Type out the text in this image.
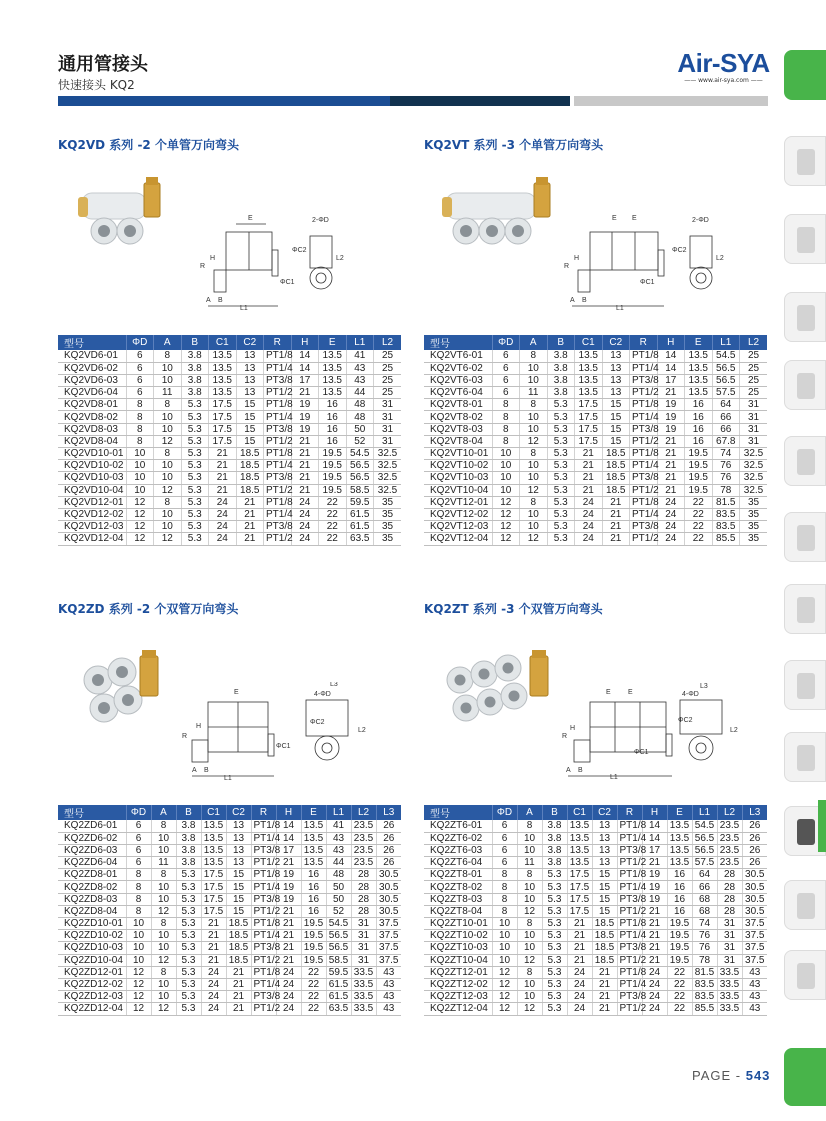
通用管接头
快速接头 KQ2
Air-SYA
—— www.air-sya.com ——
KQ2VD 系列 -2 个单管万向弯头
E
H
R
A B
L1
ΦC1
2-ΦD
ΦC2
L2
型号	ΦD	A	B	C1	C2	R	H	E	L1	L2
KQ2VD6-01	6	8	3.8	13.5	13	PT1/8	14	13.5	41	25
KQ2VD6-02	6	10	3.8	13.5	13	PT1/4	14	13.5	43	25
KQ2VD6-03	6	10	3.8	13.5	13	PT3/8	17	13.5	43	25
KQ2VD6-04	6	11	3.8	13.5	13	PT1/2	21	13.5	44	25
KQ2VD8-01	8	8	5.3	17.5	15	PT1/8	19	16	48	31
KQ2VD8-02	8	10	5.3	17.5	15	PT1/4	19	16	48	31
KQ2VD8-03	8	10	5.3	17.5	15	PT3/8	19	16	50	31
KQ2VD8-04	8	12	5.3	17.5	15	PT1/2	21	16	52	31
KQ2VD10-01	10	8	5.3	21	18.5	PT1/8	21	19.5	54.5	32.5
KQ2VD10-02	10	10	5.3	21	18.5	PT1/4	21	19.5	56.5	32.5
KQ2VD10-03	10	10	5.3	21	18.5	PT3/8	21	19.5	56.5	32.5
KQ2VD10-04	10	12	5.3	21	18.5	PT1/2	21	19.5	58.5	32.5
KQ2VD12-01	12	8	5.3	24	21	PT1/8	24	22	59.5	35
KQ2VD12-02	12	10	5.3	24	21	PT1/4	24	22	61.5	35
KQ2VD12-03	12	10	5.3	24	21	PT3/8	24	22	61.5	35
KQ2VD12-04	12	12	5.3	24	21	PT1/2	24	22	63.5	35
KQ2VT 系列 -3 个单管万向弯头
E E
H
R
A B
L1
ΦC1
2-ΦD
ΦC2
L2
型号	ΦD	A	B	C1	C2	R	H	E	L1	L2
KQ2VT6-01	6	8	3.8	13.5	13	PT1/8	14	13.5	54.5	25
KQ2VT6-02	6	10	3.8	13.5	13	PT1/4	14	13.5	56.5	25
KQ2VT6-03	6	10	3.8	13.5	13	PT3/8	17	13.5	56.5	25
KQ2VT6-04	6	11	3.8	13.5	13	PT1/2	21	13.5	57.5	25
KQ2VT8-01	8	8	5.3	17.5	15	PT1/8	19	16	64	31
KQ2VT8-02	8	10	5.3	17.5	15	PT1/4	19	16	66	31
KQ2VT8-03	8	10	5.3	17.5	15	PT3/8	19	16	66	31
KQ2VT8-04	8	12	5.3	17.5	15	PT1/2	21	16	67.8	31
KQ2VT10-01	10	8	5.3	21	18.5	PT1/8	21	19.5	74	32.5
KQ2VT10-02	10	10	5.3	21	18.5	PT1/4	21	19.5	76	32.5
KQ2VT10-03	10	10	5.3	21	18.5	PT3/8	21	19.5	76	32.5
KQ2VT10-04	10	12	5.3	21	18.5	PT1/2	21	19.5	78	32.5
KQ2VT12-01	12	8	5.3	24	21	PT1/8	24	22	81.5	35
KQ2VT12-02	12	10	5.3	24	21	PT1/4	24	22	83.5	35
KQ2VT12-03	12	10	5.3	24	21	PT3/8	24	22	83.5	35
KQ2VT12-04	12	12	5.3	24	21	PT1/2	24	22	85.5	35
KQ2ZD 系列 -2 个双管万向弯头
E
H
R
A B
L1
ΦC1
L3
4-ΦD
ΦC2
L2
型号	ΦD	A	B	C1	C2	R	H	E	L1	L2	L3
KQ2ZD6-01	6	8	3.8	13.5	13	PT1/8	14	13.5	41	23.5	26
KQ2ZD6-02	6	10	3.8	13.5	13	PT1/4	14	13.5	43	23.5	26
KQ2ZD6-03	6	10	3.8	13.5	13	PT3/8	17	13.5	43	23.5	26
KQ2ZD6-04	6	11	3.8	13.5	13	PT1/2	21	13.5	44	23.5	26
KQ2ZD8-01	8	8	5.3	17.5	15	PT1/8	19	16	48	28	30.5
KQ2ZD8-02	8	10	5.3	17.5	15	PT1/4	19	16	50	28	30.5
KQ2ZD8-03	8	10	5.3	17.5	15	PT3/8	19	16	50	28	30.5
KQ2ZD8-04	8	12	5.3	17.5	15	PT1/2	21	16	52	28	30.5
KQ2ZD10-01	10	8	5.3	21	18.5	PT1/8	21	19.5	54.5	31	37.5
KQ2ZD10-02	10	10	5.3	21	18.5	PT1/4	21	19.5	56.5	31	37.5
KQ2ZD10-03	10	10	5.3	21	18.5	PT3/8	21	19.5	56.5	31	37.5
KQ2ZD10-04	10	12	5.3	21	18.5	PT1/2	21	19.5	58.5	31	37.5
KQ2ZD12-01	12	8	5.3	24	21	PT1/8	24	22	59.5	33.5	43
KQ2ZD12-02	12	10	5.3	24	21	PT1/4	24	22	61.5	33.5	43
KQ2ZD12-03	12	10	5.3	24	21	PT3/8	24	22	61.5	33.5	43
KQ2ZD12-04	12	12	5.3	24	21	PT1/2	24	22	63.5	33.5	43
KQ2ZT 系列 -3 个双管万向弯头
E E
H
R
A B
L1
ΦC1
L3
4-ΦD
ΦC2
L2
型号	ΦD	A	B	C1	C2	R	H	E	L1	L2	L3
KQ2ZT6-01	6	8	3.8	13.5	13	PT1/8	14	13.5	54.5	23.5	26
KQ2ZT6-02	6	10	3.8	13.5	13	PT1/4	14	13.5	56.5	23.5	26
KQ2ZT6-03	6	10	3.8	13.5	13	PT3/8	17	13.5	56.5	23.5	26
KQ2ZT6-04	6	11	3.8	13.5	13	PT1/2	21	13.5	57.5	23.5	26
KQ2ZT8-01	8	8	5.3	17.5	15	PT1/8	19	16	64	28	30.5
KQ2ZT8-02	8	10	5.3	17.5	15	PT1/4	19	16	66	28	30.5
KQ2ZT8-03	8	10	5.3	17.5	15	PT3/8	19	16	68	28	30.5
KQ2ZT8-04	8	12	5.3	17.5	15	PT1/2	21	16	68	28	30.5
KQ2ZT10-01	10	8	5.3	21	18.5	PT1/8	21	19.5	74	31	37.5
KQ2ZT10-02	10	10	5.3	21	18.5	PT1/4	21	19.5	76	31	37.5
KQ2ZT10-03	10	10	5.3	21	18.5	PT3/8	21	19.5	76	31	37.5
KQ2ZT10-04	10	12	5.3	21	18.5	PT1/2	21	19.5	78	31	37.5
KQ2ZT12-01	12	8	5.3	24	21	PT1/8	24	22	81.5	33.5	43
KQ2ZT12-02	12	10	5.3	24	21	PT1/4	24	22	83.5	33.5	43
KQ2ZT12-03	12	10	5.3	24	21	PT3/8	24	22	83.5	33.5	43
KQ2ZT12-04	12	12	5.3	24	21	PT1/2	24	22	85.5	33.5	43
PAGE - 543
